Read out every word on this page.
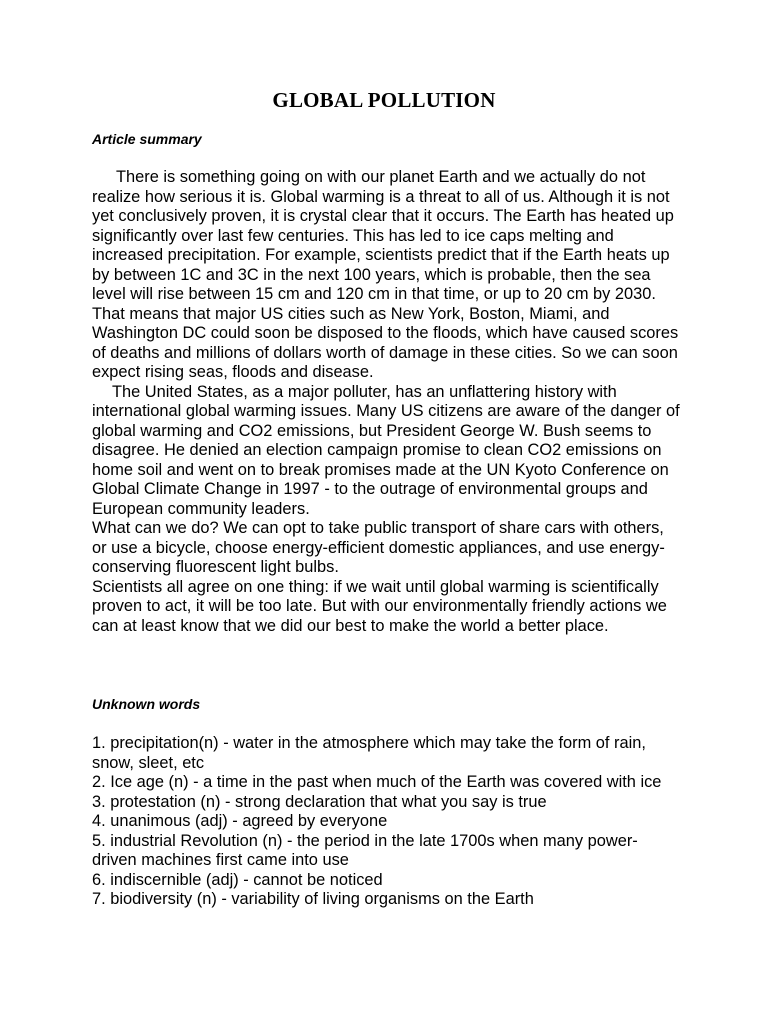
GLOBAL POLLUTION
Article summary

There is something going on with our planet Earth and we actually do not realize how serious it is. Global warming is a threat to all of us. Although it is not yet conclusively proven, it is crystal clear that it occurs. The Earth has heated up significantly over last few centuries. This has led to ice caps melting and increased precipitation. For example, scientists predict that if the Earth heats up by between 1C and 3C in the next 100 years, which is probable, then the sea level will rise between 15 cm and 120 cm in that time, or up to 20 cm by 2030. That means that major US cities such as New York, Boston, Miami, and Washington DC could soon be disposed to the floods, which have caused scores of deaths and millions of dollars worth of damage in these cities. So we can soon expect rising seas, floods and disease.

The United States, as a major polluter, has an unflattering history with international global warming issues. Many US citizens are aware of the danger of global warming and CO2 emissions, but President George W. Bush seems to disagree. He denied an election campaign promise to clean CO2 emissions on home soil and went on to break promises made at the UN Kyoto Conference on Global Climate Change in 1997 - to the outrage of environmental groups and European community leaders.

What can we do? We can opt to take public transport of share cars with others, or use a bicycle, choose energy-efficient domestic appliances, and use energy-conserving fluorescent light bulbs.

Scientists all agree on one thing: if we wait until global warming is scientifically proven to act, it will be too late. But with our environmentally friendly actions we can at least know that we did our best to make the world a better place.

Unknown words
1. precipitation(n) - water in the atmosphere which may take the form of rain, snow, sleet, etc
2. Ice age (n) - a time in the past when much of the Earth was covered with ice
3. protestation (n) - strong declaration that what you say is true
4. unanimous (adj) - agreed by everyone
5. industrial Revolution (n) - the period in the late 1700s when many power-driven machines first came into use
6. indiscernible (adj) - cannot be noticed
7. biodiversity (n) - variability of living organisms on the Earth
